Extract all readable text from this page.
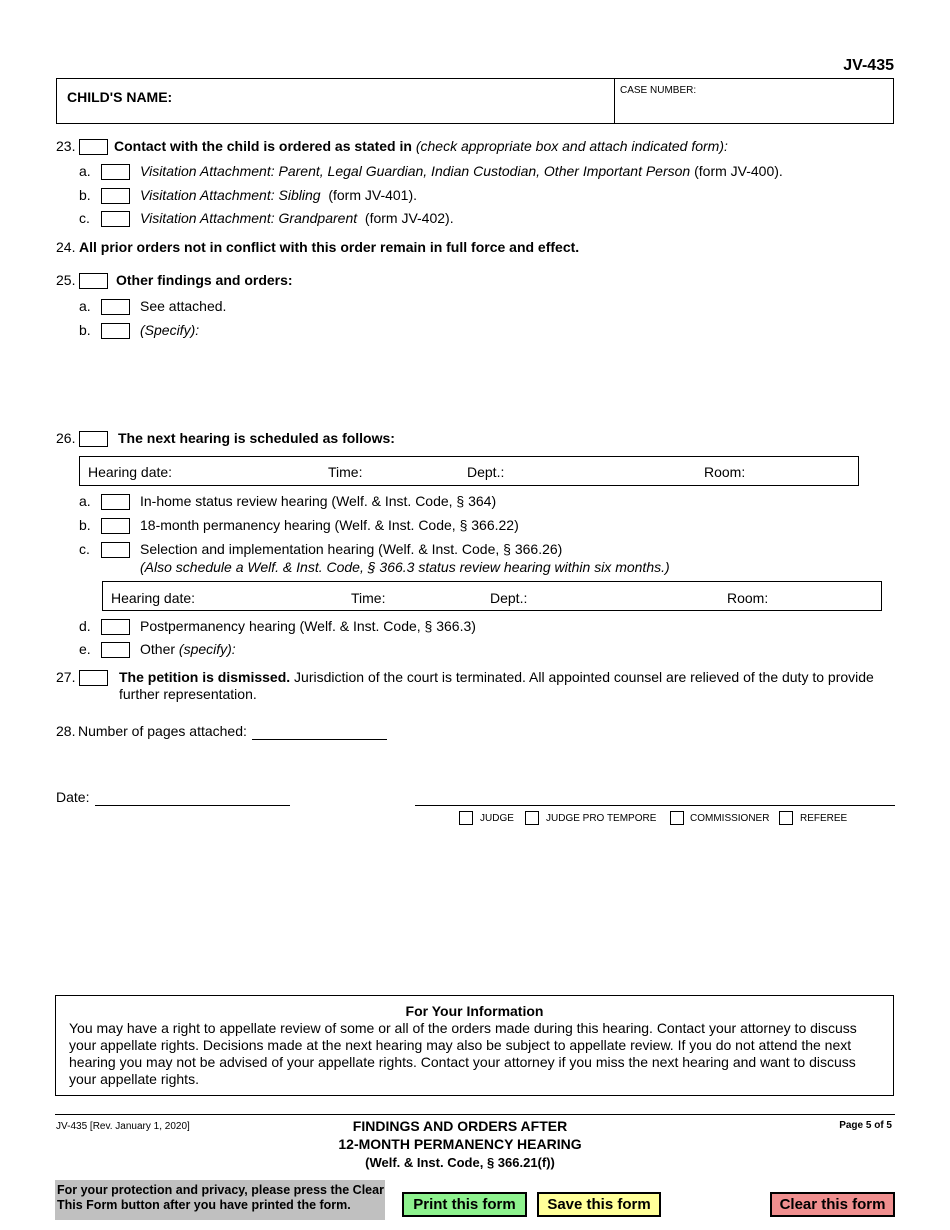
JV-435
CHILD'S NAME:	CASE NUMBER:
23.	Contact with the child is ordered as stated in (check appropriate box and attach indicated form):
a.	Visitation Attachment: Parent, Legal Guardian, Indian Custodian, Other Important Person (form JV-400).
b.	Visitation Attachment: Sibling (form JV-401).
c.	Visitation Attachment: Grandparent (form JV-402).
24. All prior orders not in conflict with this order remain in full force and effect.
25.	Other findings and orders:
a.	See attached.
b.	(Specify):
26.	The next hearing is scheduled as follows:
Hearing date:	Time:	Dept.:	Room:
a.	In-home status review hearing (Welf. & Inst. Code, § 364)
b.	18-month permanency hearing (Welf. & Inst. Code, § 366.22)
c.	Selection and implementation hearing (Welf. & Inst. Code, § 366.26)
(Also schedule a Welf. & Inst. Code, § 366.3 status review hearing within six months.)
Hearing date:	Time:	Dept.:	Room:
d.	Postpermanency hearing (Welf. & Inst. Code, § 366.3)
e.	Other (specify):
27.	The petition is dismissed. Jurisdiction of the court is terminated. All appointed counsel are relieved of the duty to provide
further representation.
28. Number of pages attached:
Date:
JUDGE	JUDGE PRO TEMPORE	COMMISSIONER	REFEREE
For Your Information
You may have a right to appellate review of some or all of the orders made during this hearing. Contact your attorney to discuss
your appellate rights. Decisions made at the next hearing may also be subject to appellate review. If you do not attend the next
hearing you may not be advised of your appellate rights. Contact your attorney if you miss the next hearing and want to discuss
your appellate rights.
JV-435 [Rev. January 1, 2020]	FINDINGS AND ORDERS AFTER
12-MONTH PERMANENCY HEARING
(Welf. & Inst. Code, § 366.21(f))
Page 5 of 5
For your protection and privacy, please press the Clear
This Form button after you have printed the form.	Print this form	Save this form	Clear this form
